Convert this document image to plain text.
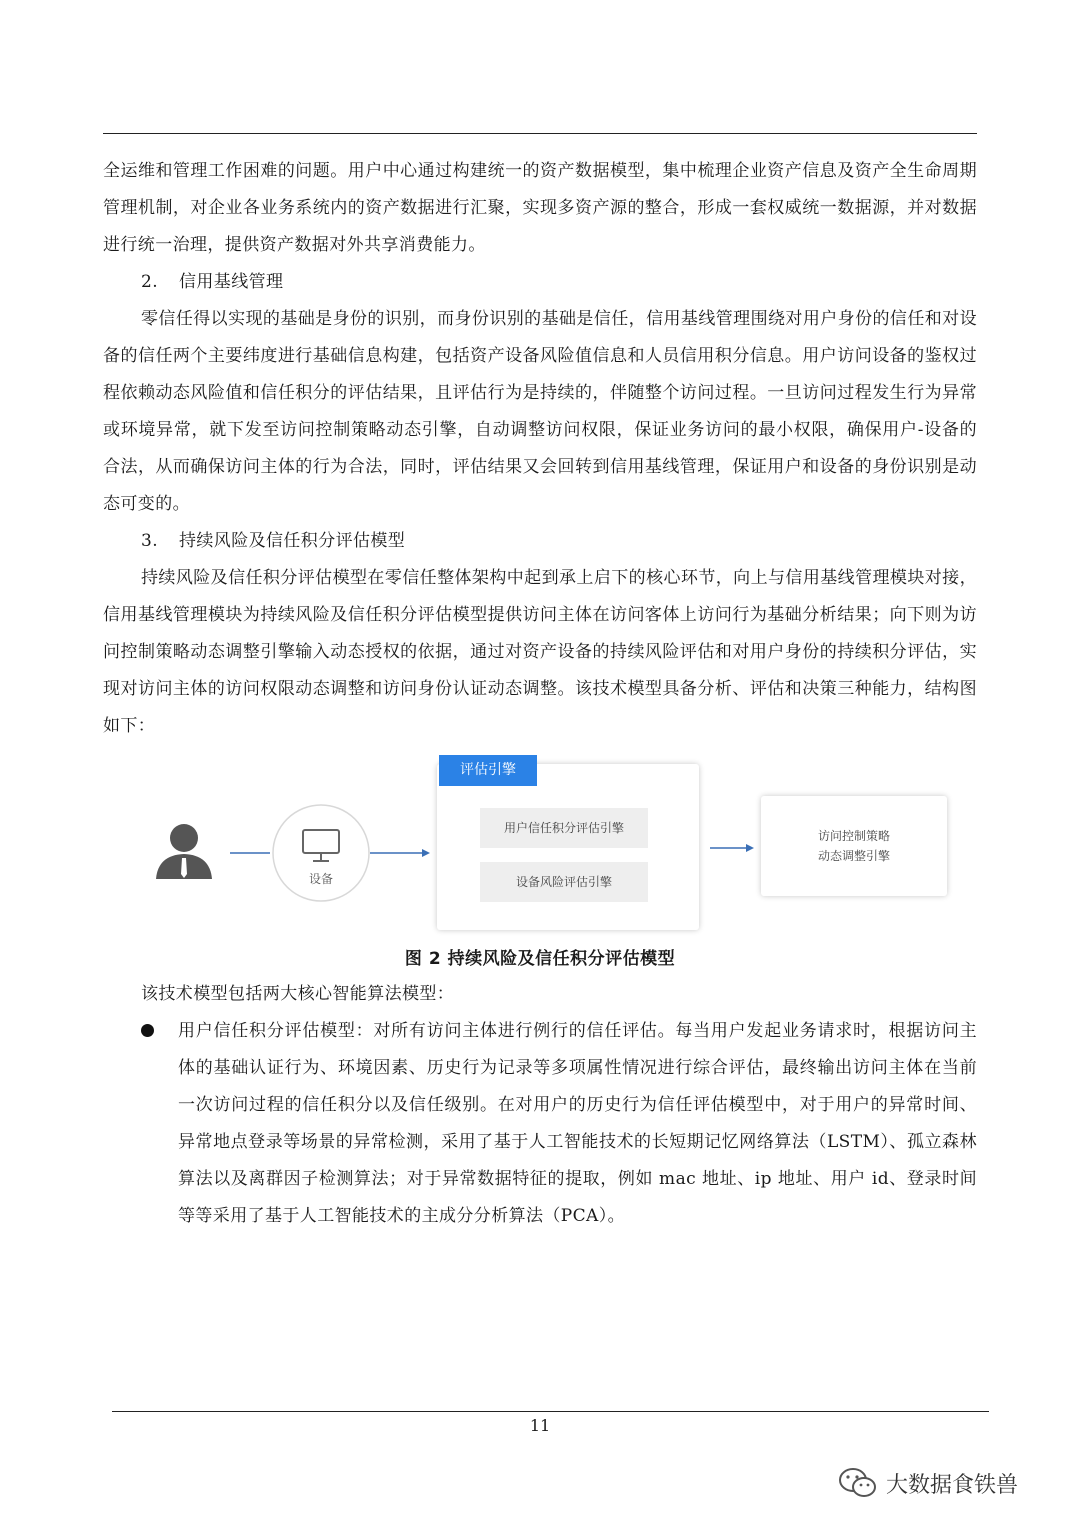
全运维和管理工作困难的问题。用户中心通过构建统一的资产数据模型，集中梳理企业资产信息及资产全生命周期管理机制，对企业各业务系统内的资产数据进行汇聚，实现多资产源的整合，形成一套权威统一数据源，并对数据进行统一治理，提供资产数据对外共享消费能力。

2. 信用基线管理

零信任得以实现的基础是身份的识别，而身份识别的基础是信任，信用基线管理围绕对用户身份的信任和对设备的信任两个主要纬度进行基础信息构建，包括资产设备风险值信息和人员信用积分信息。用户访问设备的鉴权过程依赖动态风险值和信任积分的评估结果，且评估行为是持续的，伴随整个访问过程。一旦访问过程发生行为异常或环境异常，就下发至访问控制策略动态引擎，自动调整访问权限，保证业务访问的最小权限，确保用户-设备的合法，从而确保访问主体的行为合法，同时，评估结果又会回转到信用基线管理，保证用户和设备的身份识别是动态可变的。

3. 持续风险及信任积分评估模型

持续风险及信任积分评估模型在零信任整体架构中起到承上启下的核心环节，向上与信用基线管理模块对接，信用基线管理模块为持续风险及信任积分评估模型提供访问主体在访问客体上访问行为基础分析结果；向下则为访问控制策略动态调整引擎输入动态授权的依据，通过对资产设备的持续风险评估和对用户身份的持续积分评估，实现对访问主体的访问权限动态调整和访问身份认证动态调整。该技术模型具备分析、评估和决策三种能力，结构图如下：

设备
评估引擎
用户信任积分评估引擎
设备风险评估引擎
访问控制策略
动态调整引擎
图 2 持续风险及信任积分评估模型

该技术模型包括两大核心智能算法模型：

用户信任积分评估模型：对所有访问主体进行例行的信任评估。每当用户发起业务请求时，根据访问主体的基础认证行为、环境因素、历史行为记录等多项属性情况进行综合评估，最终输出访问主体在当前一次访问过程的信任积分以及信任级别。在对用户的历史行为信任评估模型中，对于用户的异常时间、异常地点登录等场景的异常检测，采用了基于人工智能技术的长短期记忆网络算法（LSTM）、孤立森林算法以及离群因子检测算法；对于异常数据特征的提取，例如 mac 地址、ip 地址、用户 id、登录时间等等采用了基于人工智能技术的主成分分析算法（PCA）。

11
大数据食铁兽
